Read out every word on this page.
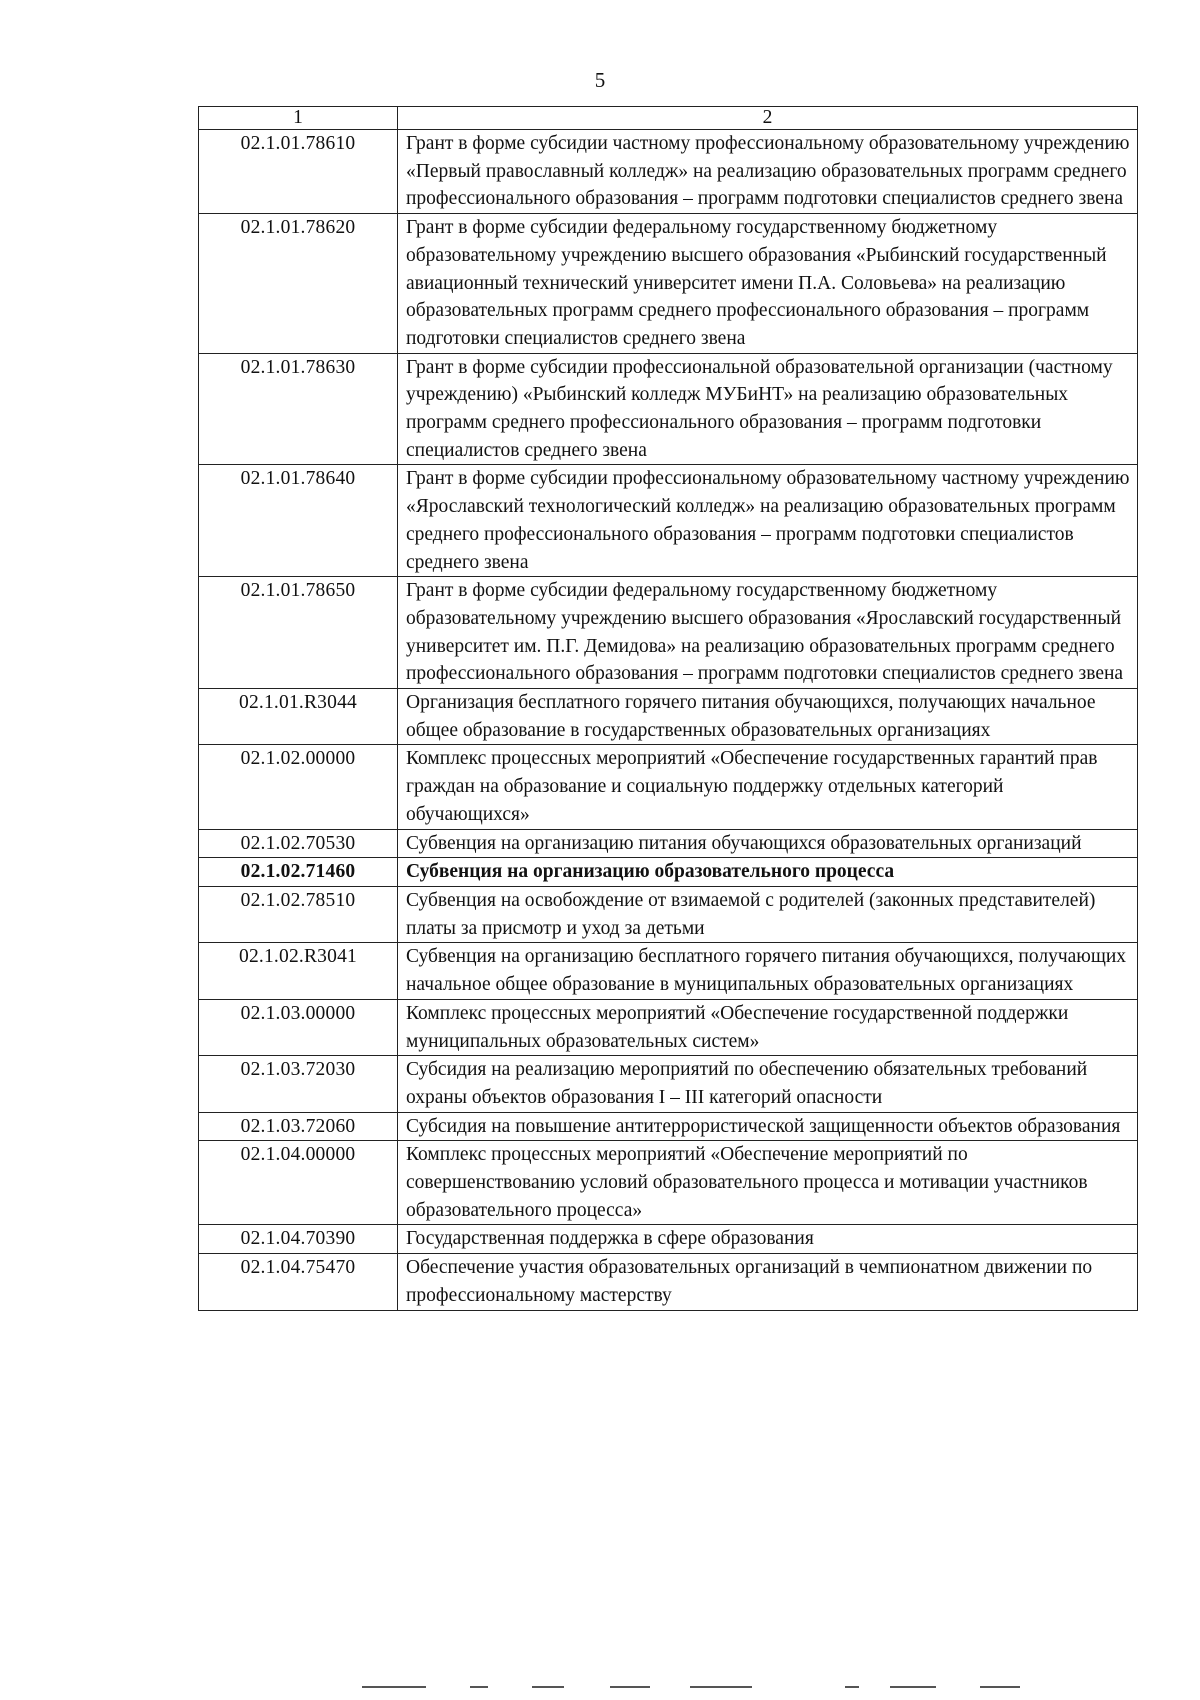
5
1	2
02.1.01.78610	Грант в форме субсидии частному профессиональному образовательному учреждению «Первый православный колледж» на реализацию образовательных программ среднего профессионального образования – программ подготовки специалистов среднего звена
02.1.01.78620	Грант в форме субсидии федеральному государственному бюджетному образовательному учреждению высшего образования «Рыбинский государственный авиационный технический университет имени П.А. Соловьева» на реализацию образовательных программ среднего профессионального образования – программ подготовки специалистов среднего звена
02.1.01.78630	Грант в форме субсидии профессиональной образовательной организации (частному учреждению) «Рыбинский колледж МУБиНТ» на реализацию образовательных программ среднего профессионального образования – программ подготовки специалистов среднего звена
02.1.01.78640	Грант в форме субсидии профессиональному образовательному частному учреждению «Ярославский технологический колледж» на реализацию образовательных программ среднего профессионального образования – программ подготовки специалистов среднего звена
02.1.01.78650	Грант в форме субсидии федеральному государственному бюджетному образовательному учреждению высшего образования «Ярославский государственный университет им. П.Г. Демидова» на реализацию образовательных программ среднего профессионального образования – программ подготовки специалистов среднего звена
02.1.01.R3044	Организация бесплатного горячего питания обучающихся, получающих начальное общее образование в государственных образовательных организациях
02.1.02.00000	Комплекс процессных мероприятий «Обеспечение государственных гарантий прав граждан на образование и социальную поддержку отдельных категорий обучающихся»
02.1.02.70530	Субвенция на организацию питания обучающихся образовательных организаций
02.1.02.71460	Субвенция на организацию образовательного процесса
02.1.02.78510	Субвенция на освобождение от взимаемой с родителей (законных представителей) платы за присмотр и уход за детьми
02.1.02.R3041	Субвенция на организацию бесплатного горячего питания обучающихся, получающих начальное общее образование в муниципальных образовательных организациях
02.1.03.00000	Комплекс процессных мероприятий «Обеспечение государственной поддержки муниципальных образовательных систем»
02.1.03.72030	Субсидия на реализацию мероприятий по обеспечению обязательных требований охраны объектов образования I – III категорий опасности
02.1.03.72060	Субсидия на повышение антитеррористической защищенности объектов образования
02.1.04.00000	Комплекс процессных мероприятий «Обеспечение мероприятий по совершенствованию условий образовательного процесса и мотивации участников образовательного процесса»
02.1.04.70390	Государственная поддержка в сфере образования
02.1.04.75470	Обеспечение участия образовательных организаций в чемпионатном движении по профессиональному мастерству
